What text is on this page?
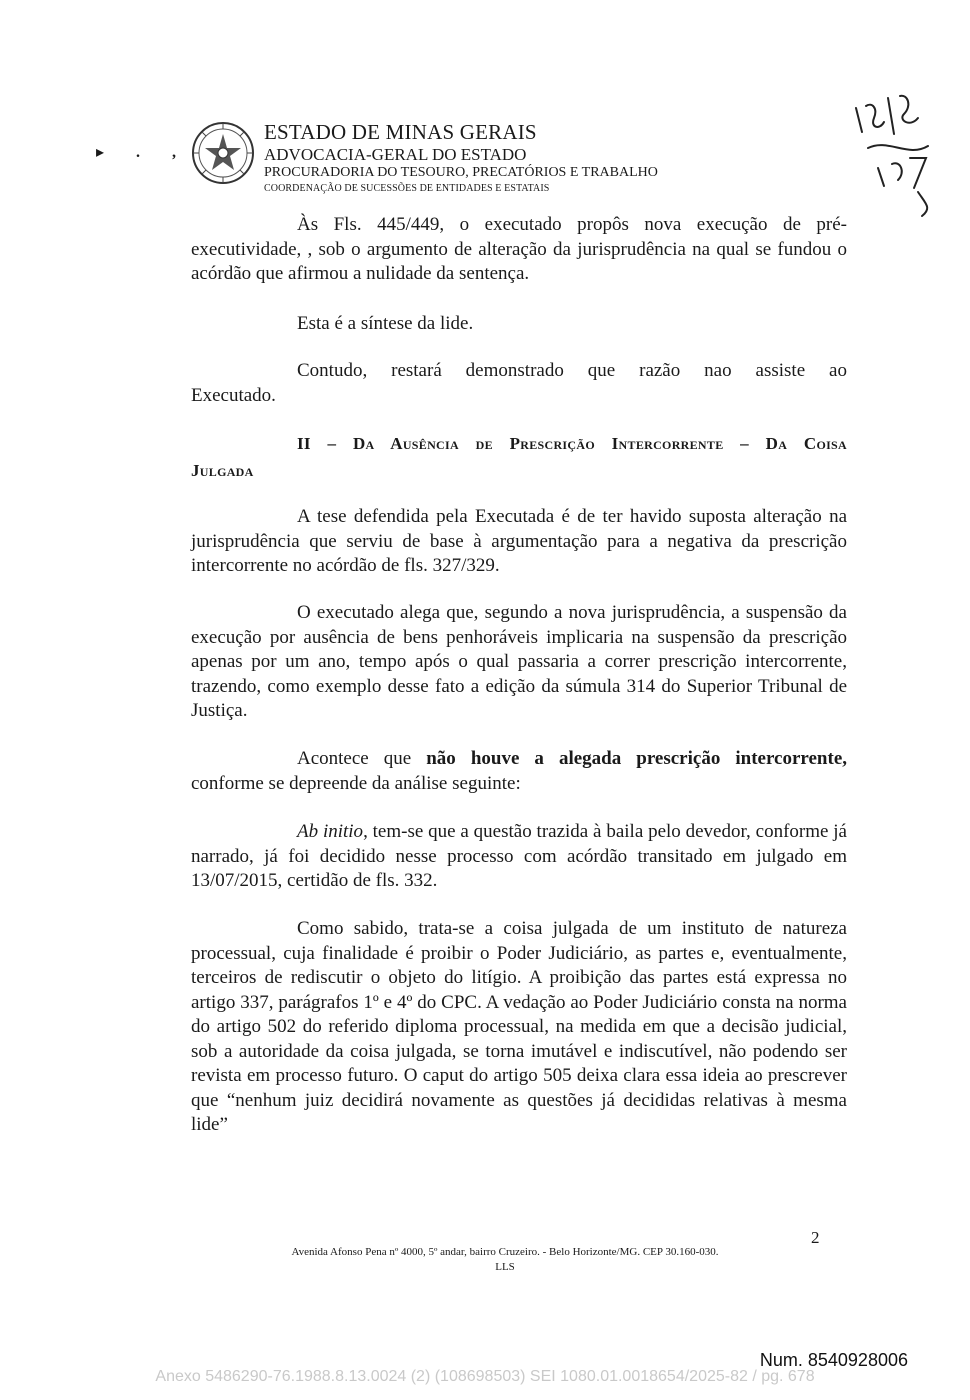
▸ . ,
ESTADO DE MINAS GERAIS
ADVOCACIA-GERAL DO ESTADO
PROCURADORIA DO TESOURO, PRECATÓRIOS E TRABALHO
COORDENAÇÃO DE SUCESSÕES DE ENTIDADES E ESTATAIS

Às Fls. 445/449, o executado propôs nova execução de pré-executividade, , sob o argumento de alteração da jurisprudência na qual se fundou o acórdão que afirmou a nulidade da sentença.

Esta é a síntese da lide.

Contudo, restará demonstrado que razão nao assiste ao

Executado.

II – Da Ausência de Prescrição Intercorrente – Da Coisa
Julgada

A tese defendida pela Executada é de ter havido suposta alteração na jurisprudência que serviu de base à argumentação para a negativa da prescrição intercorrente no acórdão de fls. 327/329.

O executado alega que, segundo a nova jurisprudência, a suspensão da execução por ausência de bens penhoráveis implicaria na suspensão da prescrição apenas por um ano, tempo após o qual passaria a correr prescrição intercorrente, trazendo, como exemplo desse fato a edição da súmula 314 do Superior Tribunal de Justiça.

Acontece que não houve a alegada prescrição intercorrente, conforme se depreende da análise seguinte:

Ab initio, tem-se que a questão trazida à baila pelo devedor, conforme já narrado, já foi decidido nesse processo com acórdão transitado em julgado em 13/07/2015, certidão de fls. 332.

Como sabido, trata-se a coisa julgada de um instituto de natureza processual, cuja finalidade é proibir o Poder Judiciário, as partes e, eventualmente, terceiros de rediscutir o objeto do litígio. A proibição das partes está expressa no artigo 337, parágrafos 1º e 4º do CPC. A vedação ao Poder Judiciário consta na norma do artigo 502 do referido diploma processual, na medida em que a decisão judicial, sob a autoridade da coisa julgada, se torna imutável e indiscutível, não podendo ser revista em processo futuro. O caput do artigo 505 deixa clara essa ideia ao prescrever que “nenhum juiz decidirá novamente as questões já decididas relativas à mesma lide”

2
Avenida Afonso Pena nº 4000, 5º andar, bairro Cruzeiro. - Belo Horizonte/MG. CEP 30.160-030.
LLS
Num. 8540928006
Anexo 5486290-76.1988.8.13.0024 (2) (108698503) SEI 1080.01.0018654/2025-82 / pg. 678
